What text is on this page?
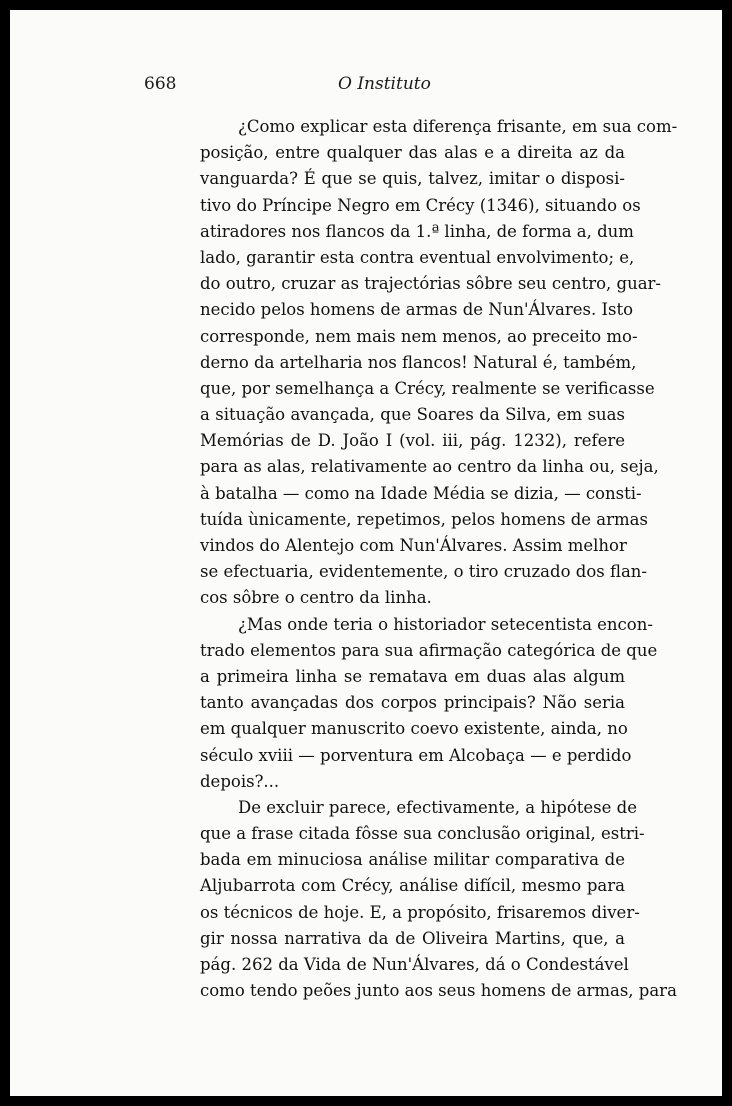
668	O Instituto
¿Como explicar esta diferença frisante, em sua com-
posição, entre qualquer das alas e a direita az da
vanguarda? É que se quis, talvez, imitar o disposi-
tivo do Príncipe Negro em Crécy (1346), situando os
atiradores nos flancos da 1.ª linha, de forma a, dum
lado, garantir esta contra eventual envolvimento; e,
do outro, cruzar as trajectórias sôbre seu centro, guar-
necido pelos homens de armas de Nun'Álvares. Isto
corresponde, nem mais nem menos, ao preceito mo-
derno da artelharia nos flancos! Natural é, também,
que, por semelhança a Crécy, realmente se verificasse
a situação avançada, que Soares da Silva, em suas
Memórias de D. João I (vol. iii, pág. 1232), refere
para as alas, relativamente ao centro da linha ou, seja,
à batalha — como na Idade Média se dizia, — consti-
tuída ùnicamente, repetimos, pelos homens de armas
vindos do Alentejo com Nun'Álvares. Assim melhor
se efectuaria, evidentemente, o tiro cruzado dos flan-
cos sôbre o centro da linha.
¿Mas onde teria o historiador setecentista encon-
trado elementos para sua afirmação categórica de que
a primeira linha se rematava em duas alas algum
tanto avançadas dos corpos principais? Não seria
em qualquer manuscrito coevo existente, ainda, no
século xviii — porventura em Alcobaça — e perdido
depois?...
De excluir parece, efectivamente, a hipótese de
que a frase citada fôsse sua conclusão original, estri-
bada em minuciosa análise militar comparativa de
Aljubarrota com Crécy, análise difícil, mesmo para
os técnicos de hoje. E, a propósito, frisaremos diver-
gir nossa narrativa da de Oliveira Martins, que, a
pág. 262 da Vida de Nun'Álvares, dá o Condestável
como tendo peões junto aos seus homens de armas, para
